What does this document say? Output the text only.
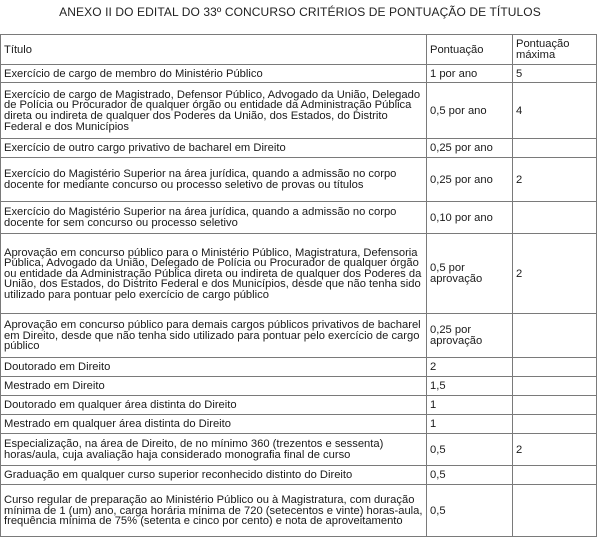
ANEXO II DO EDITAL DO 33º CONCURSO CRITÉRIOS DE PONTUAÇÃO DE TÍTULOS
Título	Pontuação	Pontuação máxima
Exercício de cargo de membro do Ministério Público	1 por ano	5
Exercício de cargo de Magistrado, Defensor Público, Advogado da União, Delegado de Polícia ou Procurador de qualquer órgão ou entidade da Administração Pública direta ou indireta de qualquer dos Poderes da União, dos Estados, do Distrito Federal e dos Municípios	0,5 por ano	4
Exercício de outro cargo privativo de bacharel em Direito	0,25 por ano	
Exercício do Magistério Superior na área jurídica, quando a admissão no corpo docente for mediante concurso ou processo seletivo de provas ou títulos	0,25 por ano	2
Exercício do Magistério Superior na área jurídica, quando a admissão no corpo docente for sem concurso ou processo seletivo	0,10 por ano	
Aprovação em concurso público para o Ministério Público, Magistratura, Defensoria Pública, Advogado da União, Delegado de Polícia ou Procurador de qualquer órgão ou entidade da Administração Pública direta ou indireta de qualquer dos Poderes da União, dos Estados, do Distrito Federal e dos Municípios, desde que não tenha sido utilizado para pontuar pelo exercício de cargo público	0,5 por aprovação	2
Aprovação em concurso público para demais cargos públicos privativos de bacharel em Direito, desde que não tenha sido utilizado para pontuar pelo exercício de cargo público	0,25 por aprovação	
Doutorado em Direito	2	
Mestrado em Direito	1,5	
Doutorado em qualquer área distinta do Direito	1	
Mestrado em qualquer área distinta do Direito	1	
Especialização, na área de Direito, de no mínimo 360 (trezentos e sessenta) horas/aula, cuja avaliação haja considerado monografia final de curso	0,5	2
Graduação em qualquer curso superior reconhecido distinto do Direito	0,5	
Curso regular de preparação ao Ministério Público ou à Magistratura, com duração mínima de 1 (um) ano, carga horária mínima de 720 (setecentos e vinte) horas-aula, frequência mínima de 75% (setenta e cinco por cento) e nota de aproveitamento	0,5	
